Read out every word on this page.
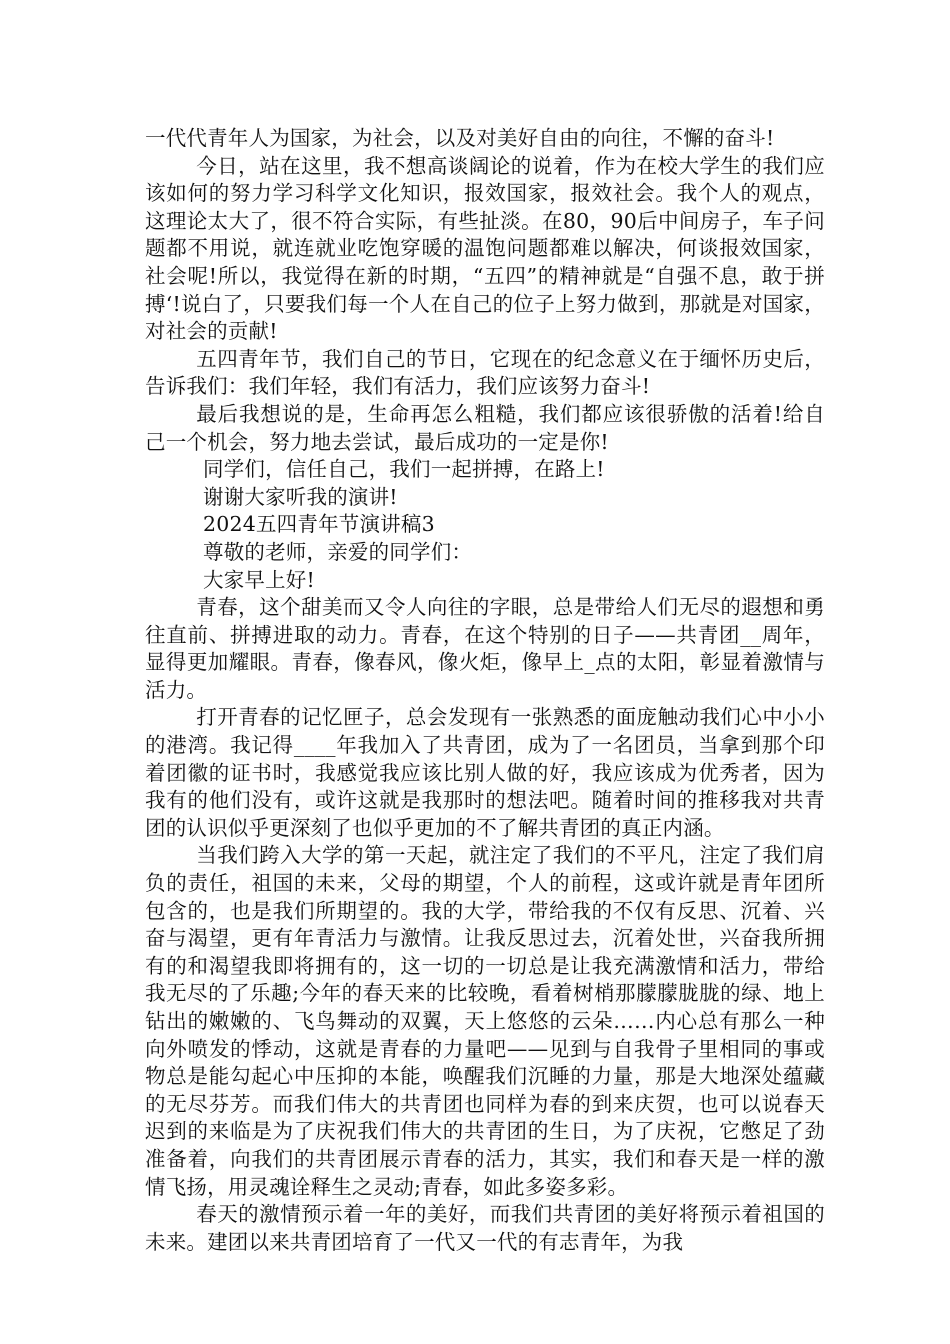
一代代青年人为国家，为社会，以及对美好自由的向往，不懈的奋斗!

今日，站在这里，我不想高谈阔论的说着，作为在校大学生的我们应该如何的努力学习科学文化知识，报效国家，报效社会。我个人的观点，这理论太大了，很不符合实际，有些扯淡。在80，90后中间房子，车子问题都不用说，就连就业吃饱穿暖的温饱问题都难以解决，何谈报效国家，社会呢!所以，我觉得在新的时期，“五四”的精神就是“自强不息，敢于拼搏‘!说白了，只要我们每一个人在自己的位子上努力做到，那就是对国家，对社会的贡献!

五四青年节，我们自己的节日，它现在的纪念意义在于缅怀历史后，告诉我们：我们年轻，我们有活力，我们应该努力奋斗!

最后我想说的是，生命再怎么粗糙，我们都应该很骄傲的活着!给自己一个机会，努力地去尝试，最后成功的一定是你!

同学们，信任自己，我们一起拼搏，在路上!

谢谢大家听我的演讲!

2024五四青年节演讲稿3

尊敬的老师，亲爱的同学们：

大家早上好!

青春，这个甜美而又令人向往的字眼，总是带给人们无尽的遐想和勇往直前、拼搏进取的动力。青春，在这个特别的日子——共青团__周年，显得更加耀眼。青春，像春风，像火炬，像早上_点的太阳，彰显着激情与活力。

打开青春的记忆匣子，总会发现有一张熟悉的面庞触动我们心中小小的港湾。我记得____年我加入了共青团，成为了一名团员，当拿到那个印着团徽的证书时，我感觉我应该比别人做的好，我应该成为优秀者，因为我有的他们没有，或许这就是我那时的想法吧。随着时间的推移我对共青团的认识似乎更深刻了也似乎更加的不了解共青团的真正内涵。

当我们跨入大学的第一天起，就注定了我们的不平凡，注定了我们肩负的责任，祖国的未来，父母的期望，个人的前程，这或许就是青年团所包含的，也是我们所期望的。我的大学，带给我的不仅有反思、沉着、兴奋与渴望，更有年青活力与激情。让我反思过去，沉着处世，兴奋我所拥有的和渴望我即将拥有的，这一切的一切总是让我充满激情和活力，带给我无尽的了乐趣;今年的春天来的比较晚，看着树梢那朦朦胧胧的绿、地上钻出的嫩嫩的、飞鸟舞动的双翼，天上悠悠的云朵……内心总有那么一种向外喷发的悸动，这就是青春的力量吧——见到与自我骨子里相同的事或物总是能勾起心中压抑的本能，唤醒我们沉睡的力量，那是大地深处蕴藏的无尽芬芳。而我们伟大的共青团也同样为春的到来庆贺，也可以说春天迟到的来临是为了庆祝我们伟大的共青团的生日，为了庆祝，它憋足了劲准备着，向我们的共青团展示青春的活力，其实，我们和春天是一样的激情飞扬，用灵魂诠释生之灵动;青春，如此多姿多彩。

春天的激情预示着一年的美好，而我们共青团的美好将预示着祖国的未来。建团以来共青团培育了一代又一代的有志青年，为我
